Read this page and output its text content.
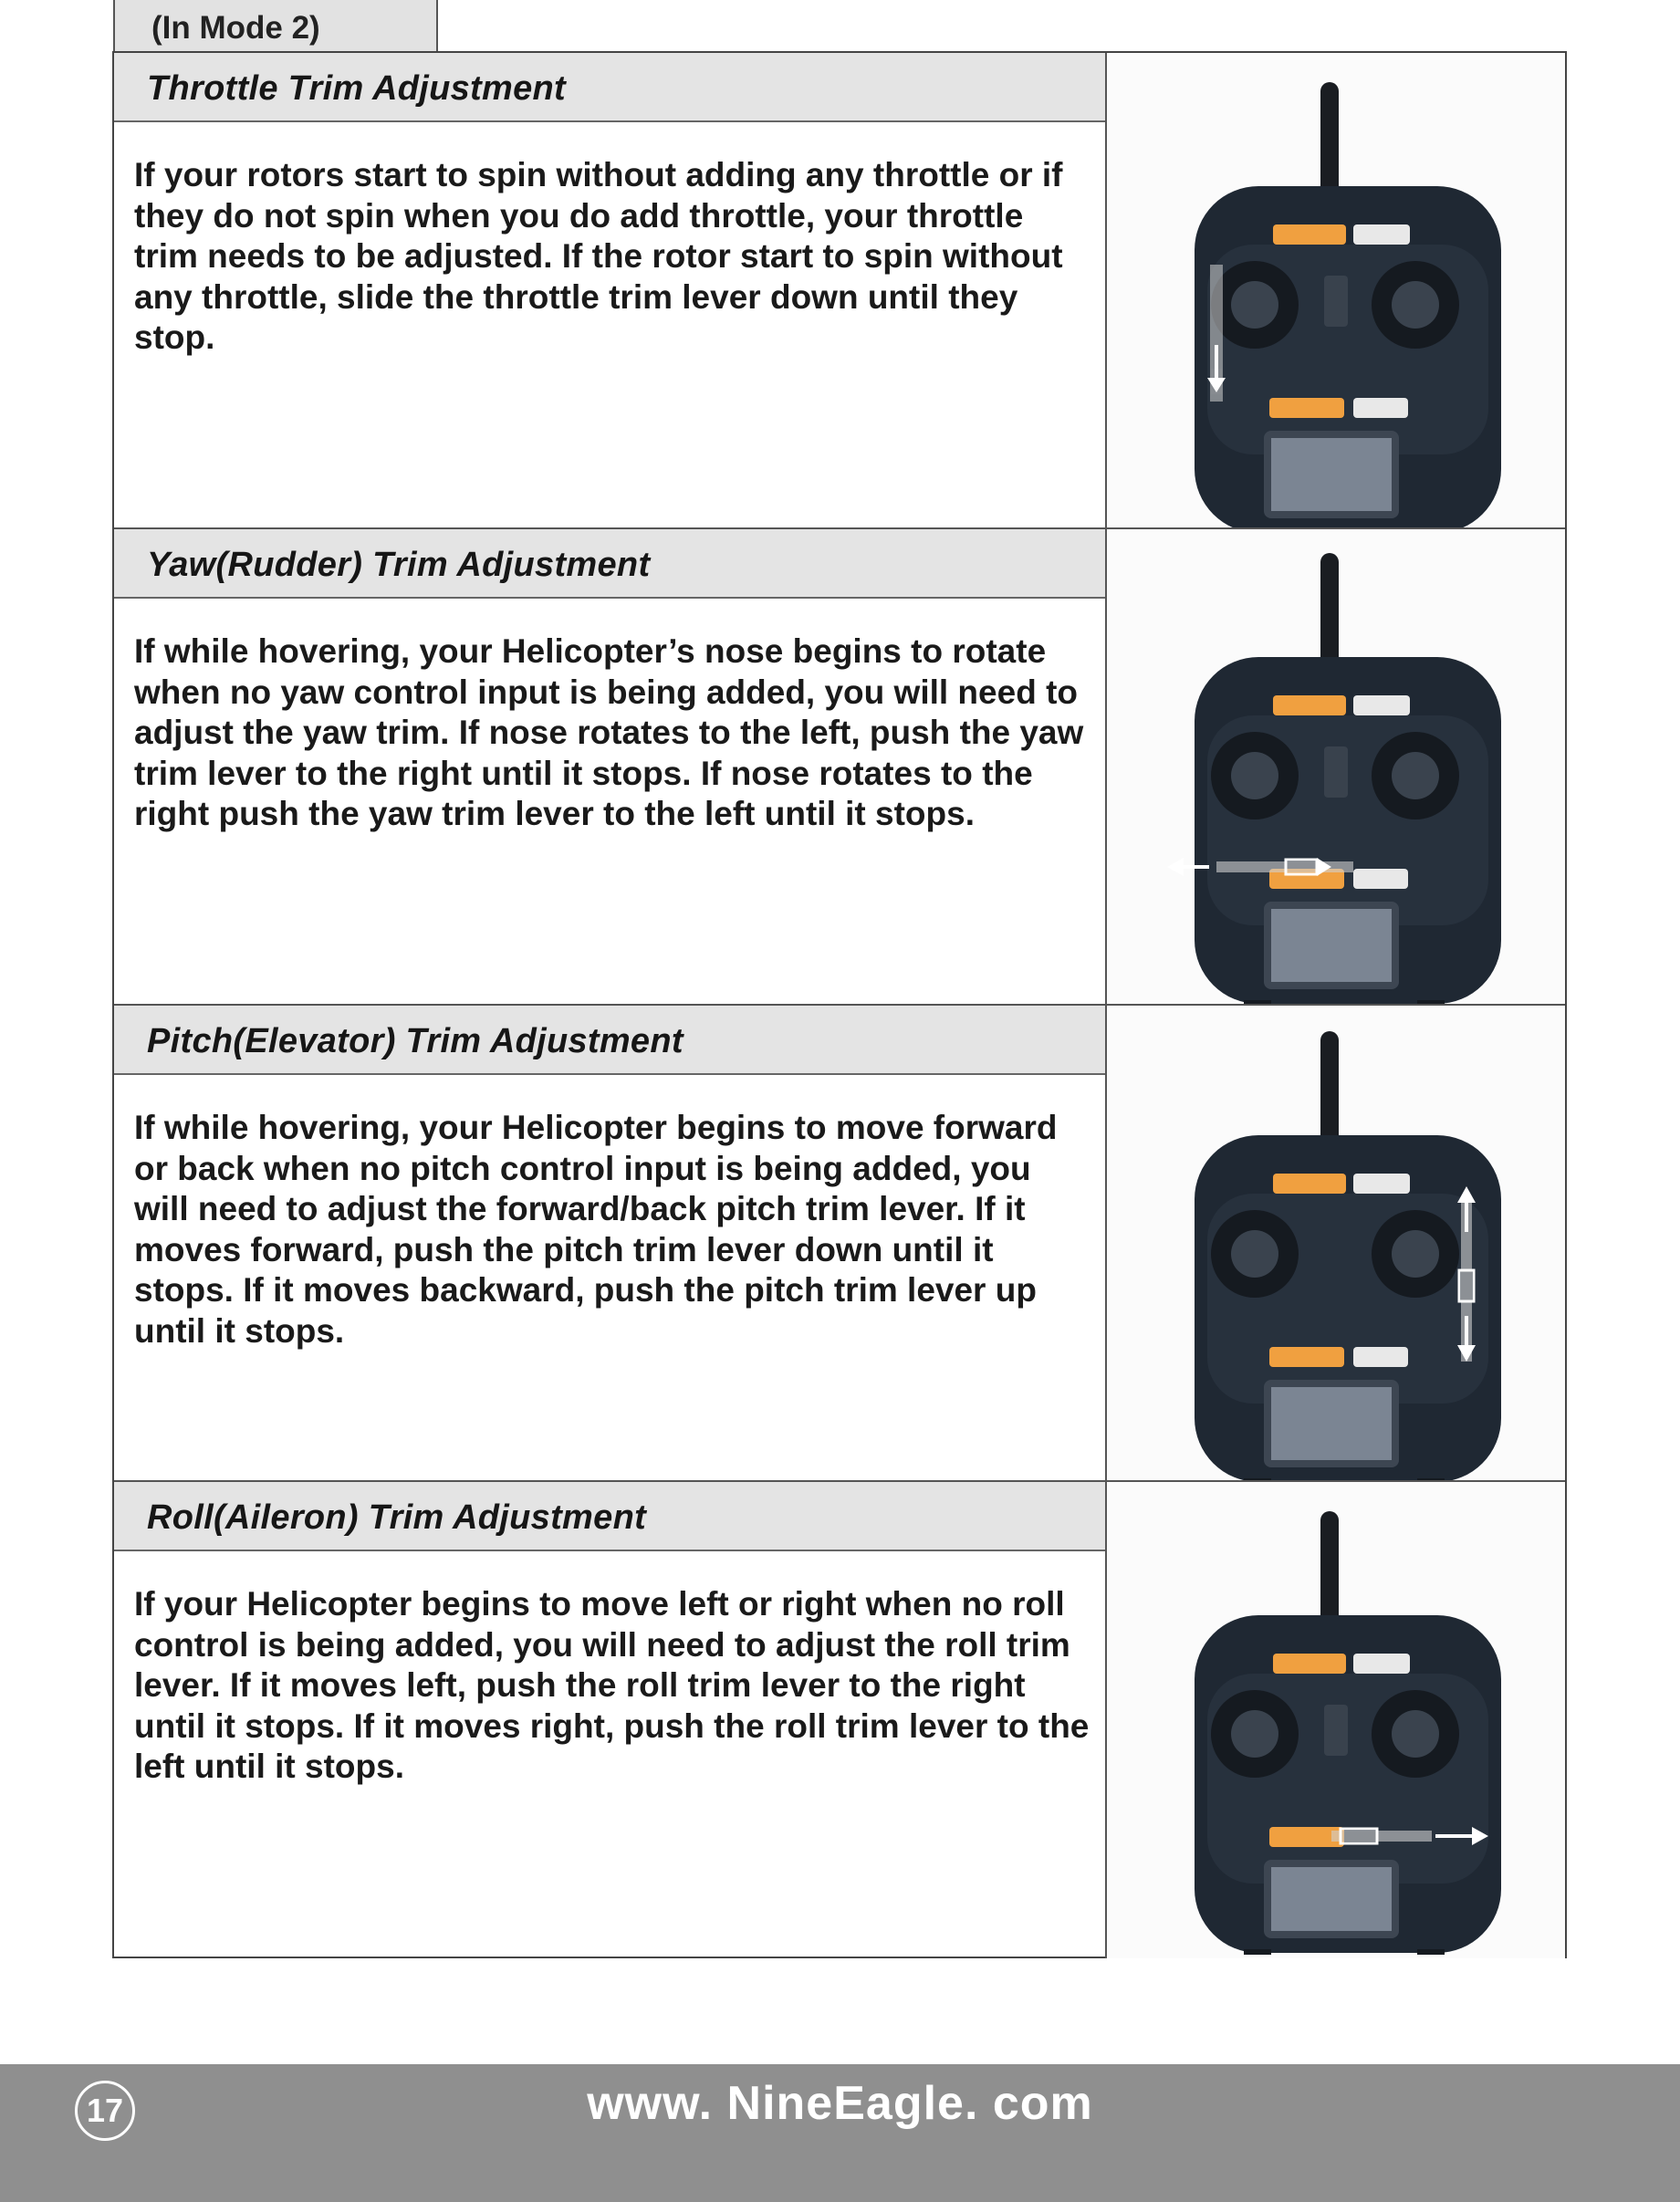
(In Mode 2)
Throttle Trim Adjustment
If your rotors start to spin without adding any throttle or if they do not spin when you do add throttle, your throttle trim needs to be adjusted. If the rotor start to spin without any throttle, slide the throttle trim lever down until they stop.
Yaw(Rudder) Trim Adjustment
If while hovering, your Helicopter’s nose begins to rotate when no yaw control input is being added, you will need to adjust the yaw trim. If nose rotates to the left, push the yaw trim lever to the right until it stops. If nose rotates to the right push the yaw trim lever to the left until it stops.
Pitch(Elevator) Trim Adjustment
If while hovering, your Helicopter begins to move forward or back when no pitch control input is being added, you will need to adjust the forward/back pitch trim lever. If it moves forward, push the pitch trim lever down until it stops. If it moves backward, push the pitch trim lever up until it stops.
Roll(Aileron) Trim Adjustment
If your Helicopter begins to move left or right when no roll control is being added, you will need to adjust the roll trim lever. If it moves left, push the roll trim lever to the right until it stops. If it moves right, push the roll trim lever to the left until it stops.
17	www. NineEagle. com
